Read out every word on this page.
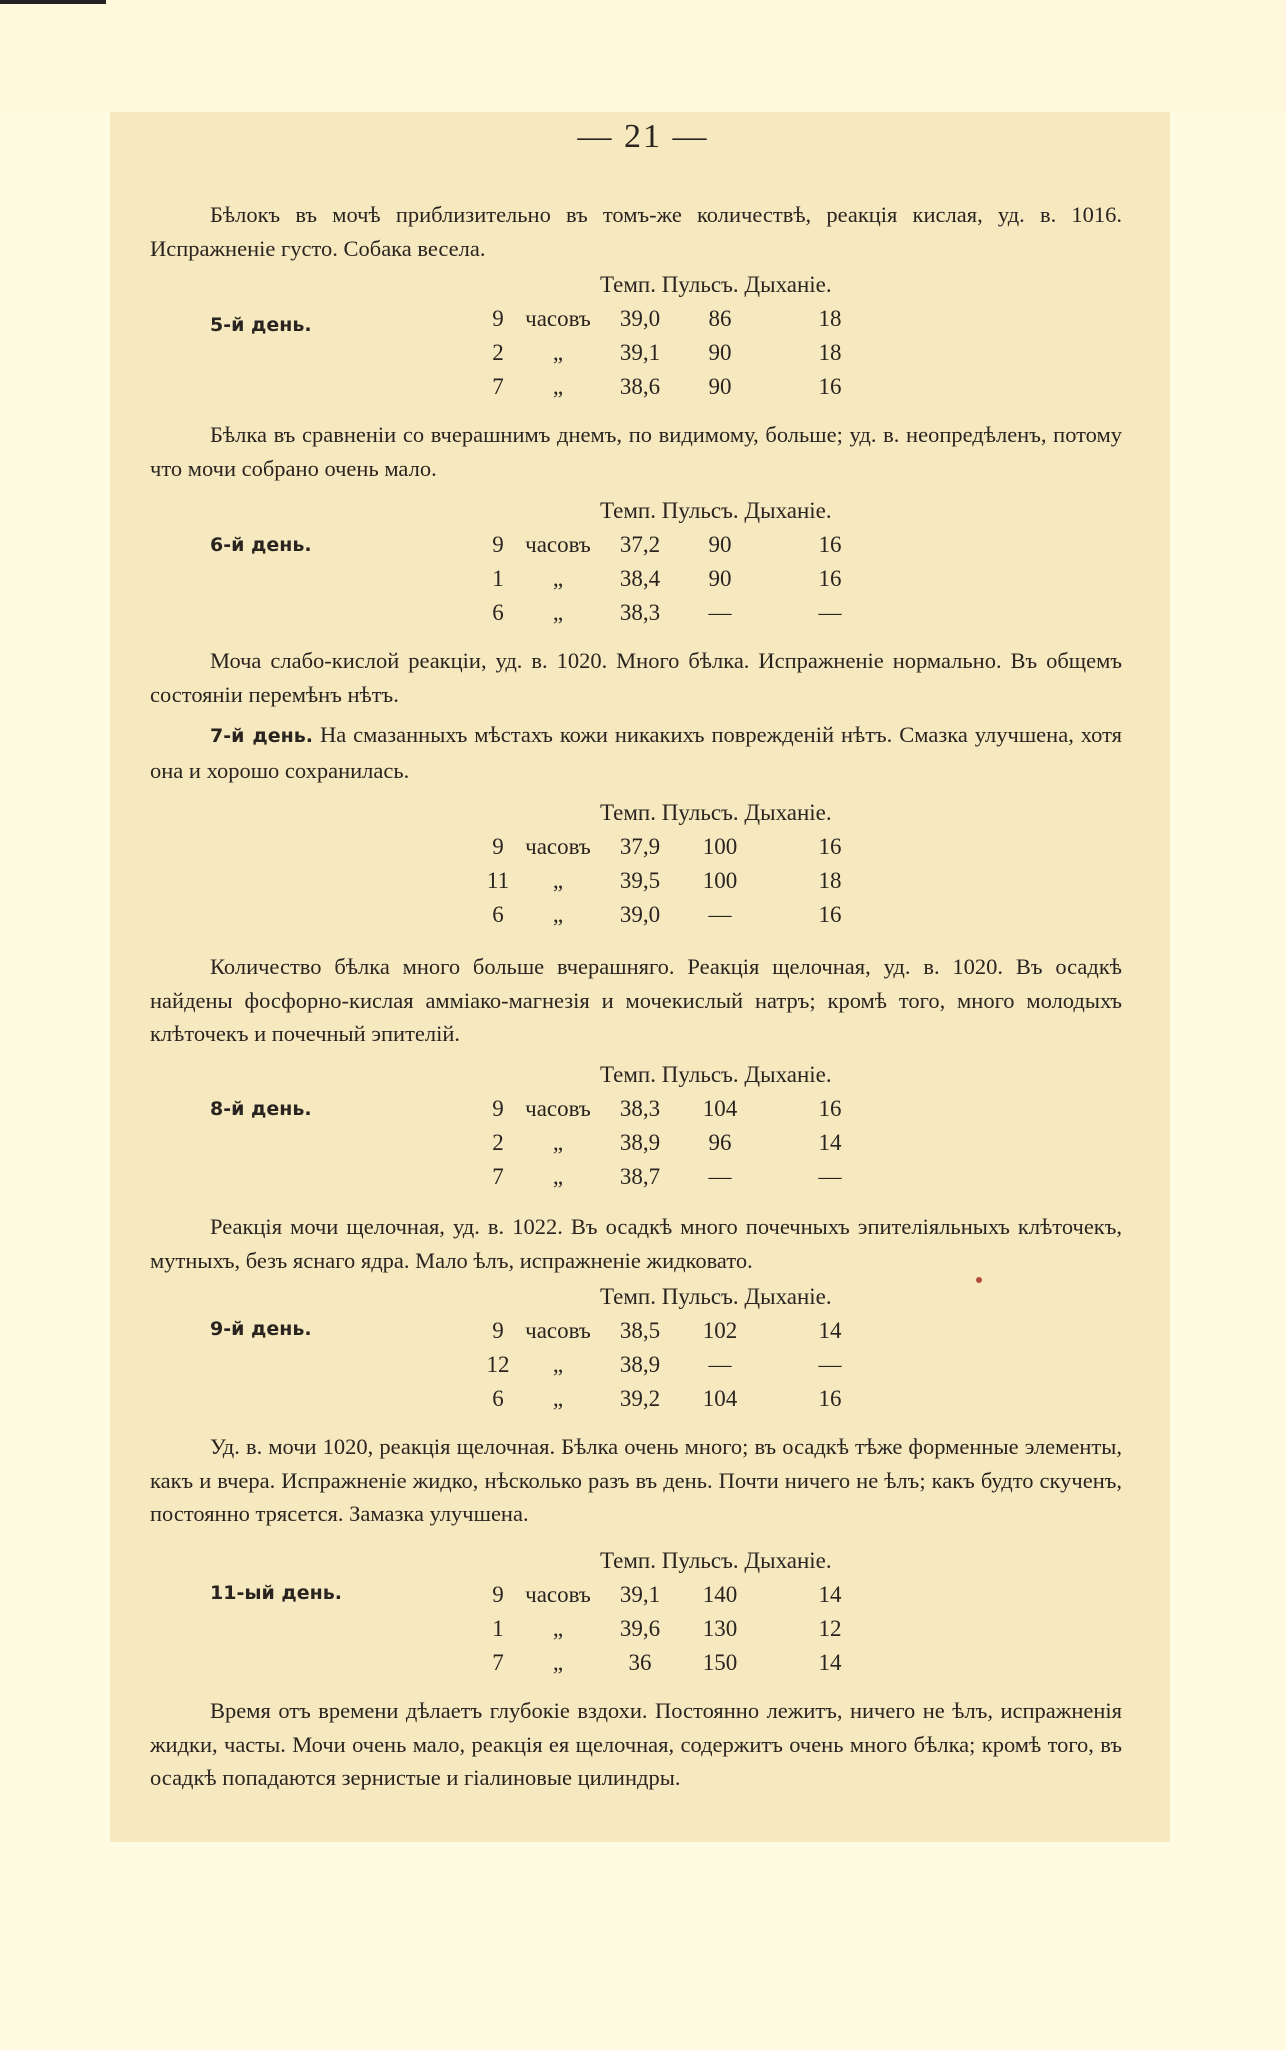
— 21 —
Бѣлокъ въ мочѣ приблизительно въ томъ-же количествѣ, реакція кислая, уд. в. 1016. Испражненіе густо. Собака весела.
5-й день.
Темп. Пульсъ. Дыханіе.
9 часовъ	39,0	86	18
2	„	39,1	90	18
7	„	38,6	90	16
Бѣлка въ сравненіи со вчерашнимъ днемъ, по видимому, больше; уд. в. неопредѣленъ, потому что мочи собрано очень мало.
6-й день.
Темп. Пульсъ. Дыханіе.
9 часовъ	37,2	90	16
1	„	38,4	90	16
6	„	38,3	—	—
Моча слабо-кислой реакціи, уд. в. 1020. Много бѣлка. Испражненіе нормально. Въ общемъ состояніи перемѣнъ нѣтъ.
7-й день. На смазанныхъ мѣстахъ кожи никакихъ поврежденій нѣтъ. Смазка улучшена, хотя она и хорошо сохранилась.
Темп. Пульсъ. Дыханіе.
9 часовъ	37,9	100	16
11	„	39,5	100	18
6	„	39,0	—	16
Количество бѣлка много больше вчерашняго. Реакція щелочная, уд. в. 1020. Въ осадкѣ найдены фосфорно-кислая амміако-магнезія и мочекислый натръ; кромѣ того, много молодыхъ клѣточекъ и почечный эпителій.
8-й день.
Темп. Пульсъ. Дыханіе.
9 часовъ	38,3	104	16
2	„	38,9	96	14
7	„	38,7	—	—
Реакція мочи щелочная, уд. в. 1022. Въ осадкѣ много почечныхъ эпителіяльныхъ клѣточекъ, мутныхъ, безъ яснаго ядра. Мало ѣлъ, испражненіе жидковато.
9-й день.
Темп. Пульсъ. Дыханіе.
9 часовъ	38,5	102	14
12	„	38,9	—	—
6	„	39,2	104	16
Уд. в. мочи 1020, реакція щелочная. Бѣлка очень много; въ осадкѣ тѣже форменные элементы, какъ и вчера. Испражненіе жидко, нѣсколько разъ въ день. Почти ничего не ѣлъ; какъ будто скученъ, постоянно трясется. Замазка улучшена.
11-ый день.
Темп. Пульсъ. Дыханіе.
9 часовъ	39,1	140	14
1	„	39,6	130	12
7	„	36	150	14
Время отъ времени дѣлаетъ глубокіе вздохи. Постоянно лежитъ, ничего не ѣлъ, испражненія жидки, часты. Мочи очень мало, реакція ея щелочная, содержитъ очень много бѣлка; кромѣ того, въ осадкѣ попадаются зернистые и гіалиновые цилиндры.
